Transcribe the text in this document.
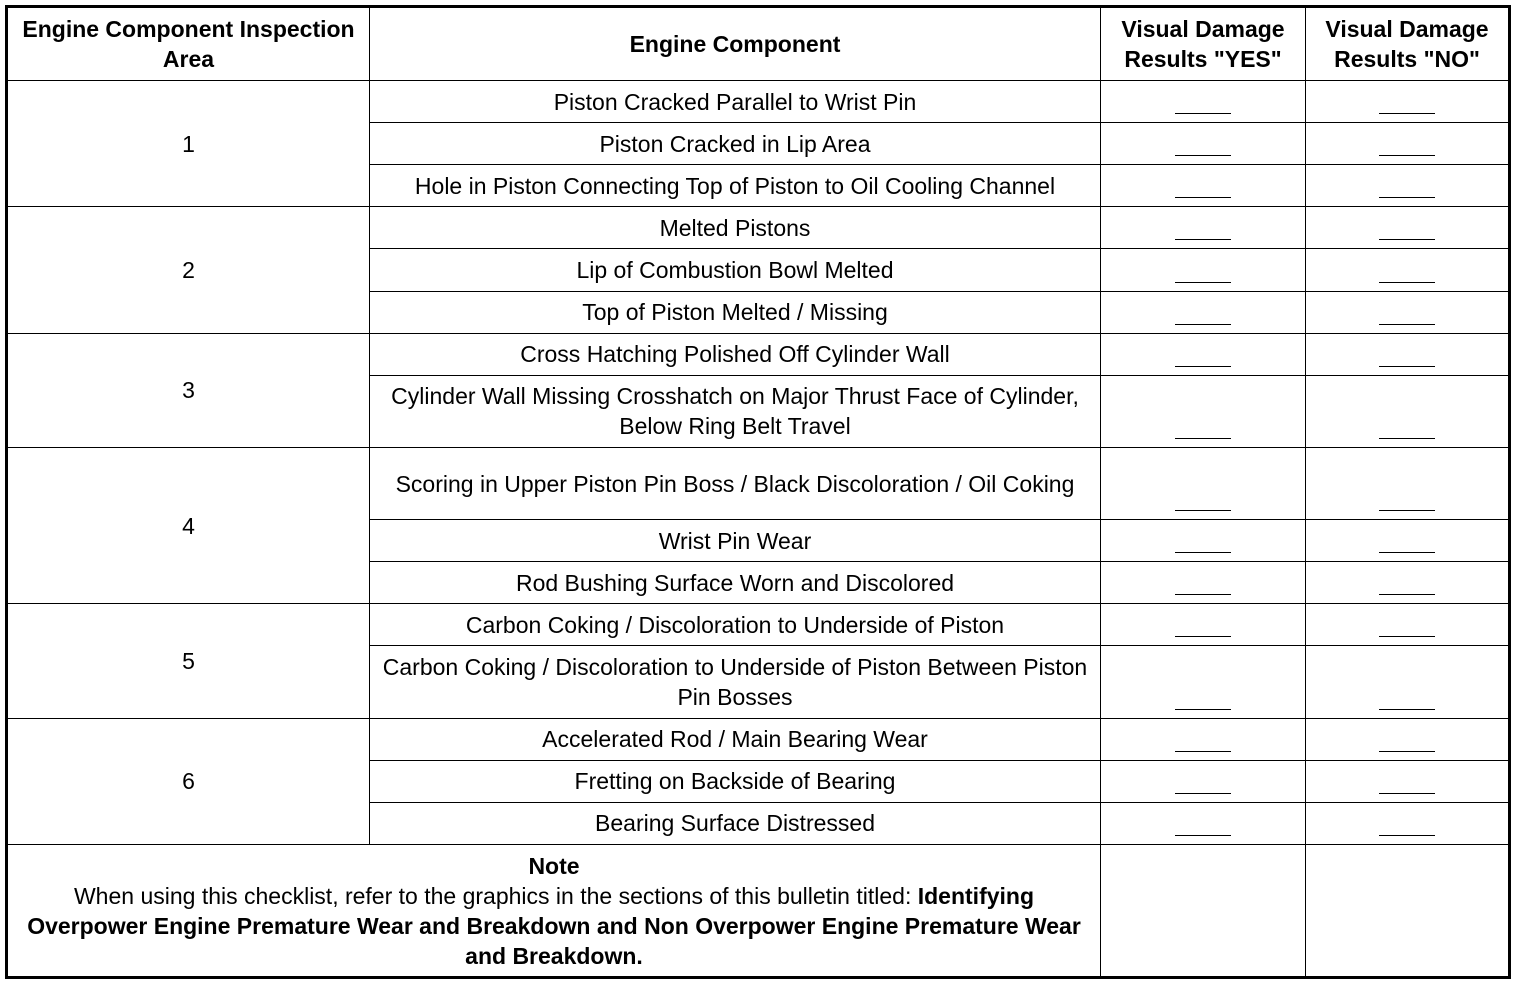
Engine Component Inspection Area	Engine Component	Visual Damage Results "YES"	Visual Damage Results "NO"
1	Piston Cracked Parallel to Wrist Pin	

	Piston Cracked in Lip Area	

	Hole in Piston Connecting Top of Piston to Oil Cooling Channel	

2	Melted Pistons	

	Lip of Combustion Bowl Melted	

	Top of Piston Melted / Missing	

3	Cross Hatching Polished Off Cylinder Wall	

	Cylinder Wall Missing Crosshatch on Major Thrust Face of Cylinder, Below Ring Belt Travel	

4	Scoring in Upper Piston Pin Boss / Black Discoloration / Oil Coking	

	Wrist Pin Wear	

	Rod Bushing Surface Worn and Discolored	

5	Carbon Coking / Discoloration to Underside of Piston	

	Carbon Coking / Discoloration to Underside of Piston Between Piston Pin Bosses	

6	Accelerated Rod / Main Bearing Wear	

	Fretting on Backside of Bearing	

	Bearing Surface Distressed	

Note
When using this checklist, refer to the graphics in the sections of this bulletin titled: Identifying Overpower Engine Premature Wear and Breakdown and Non Overpower Engine Premature Wear and Breakdown.			
